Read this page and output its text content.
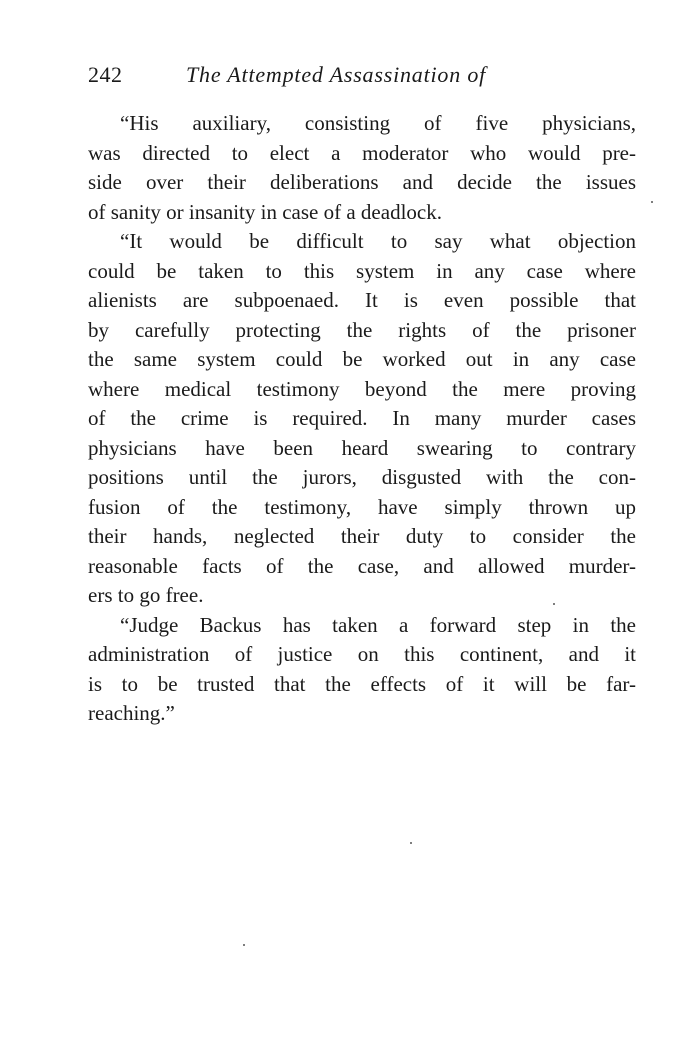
242	The Attempted Assassination of
“His auxiliary, consisting of five physicians,
was directed to elect a moderator who would pre-
side over their deliberations and decide the issues
of sanity or insanity in case of a deadlock.
“It would be difficult to say what objection
could be taken to this system in any case where
alienists are subpoenaed. It is even possible that
by carefully protecting the rights of the prisoner
the same system could be worked out in any case
where medical testimony beyond the mere proving
of the crime is required. In many murder cases
physicians have been heard swearing to contrary
positions until the jurors, disgusted with the con-
fusion of the testimony, have simply thrown up
their hands, neglected their duty to consider the
reasonable facts of the case, and allowed murder-
ers to go free.
“Judge Backus has taken a forward step in the
administration of justice on this continent, and it
is to be trusted that the effects of it will be far-
reaching.”
